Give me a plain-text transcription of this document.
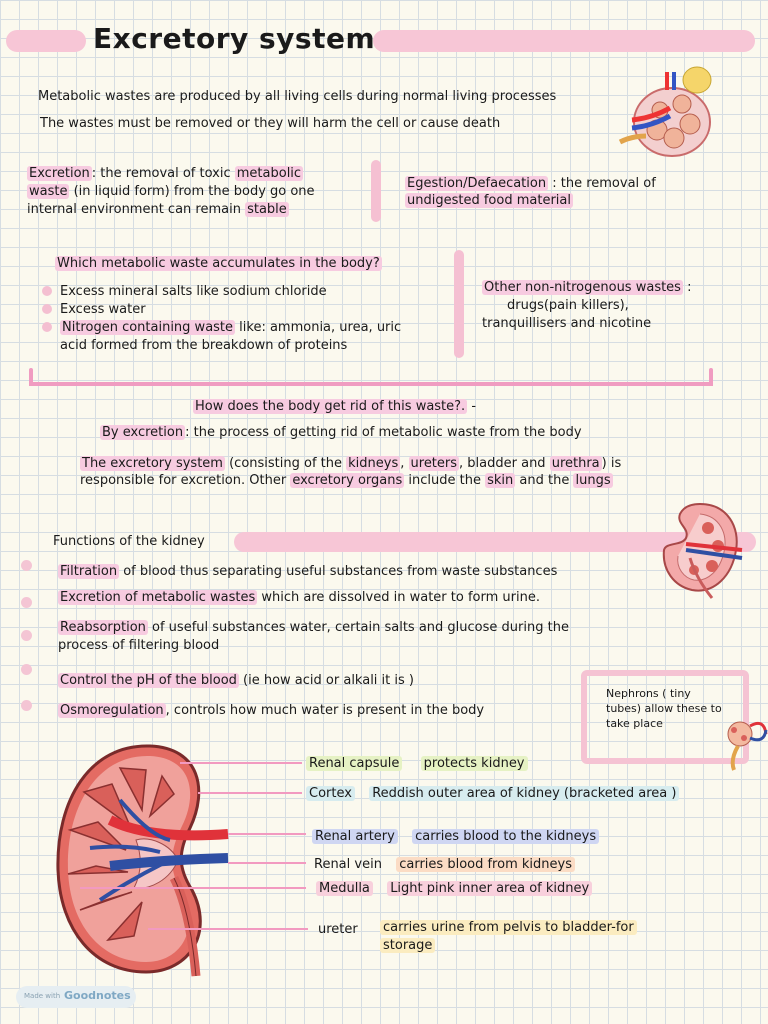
Excretory system
Metabolic wastes are produced by all living cells during normal living processes
The wastes must be removed or they will harm the cell or cause death
Excretion : the removal of toxic metabolic
waste (in liquid form) from the body go one
internal environment can remain stable
Egestion/Defaecation : the removal of
undigested food material
Which metabolic waste accumulates in the body?
Excess mineral salts like sodium chloride
Excess water
Nitrogen containing waste like: ammonia, urea, uric
acid formed from the breakdown of proteins
Other non-nitrogenous wastes :
drugs(pain killers),
tranquillisers and nicotine
How does the body get rid of this waste?. -
By excretion : the process of getting rid of metabolic waste from the body
The excretory system (consisting of the kidneys , ureters , bladder and urethra ) is
responsible for excretion. Other excretory organs include the skin and the lungs
Functions of the kidney
Filtration of blood thus separating useful substances from waste substances
Excretion of metabolic wastes which are dissolved in water to form urine.
Reabsorption of useful substances water, certain salts and glucose during the
process of filtering blood
Control the pH of the blood (ie how acid or alkali it is )
Osmoregulation , controls how much water is present in the body
Nephrons ( tiny tubes) allow these to take place
Renal capsule protects kidney
Cortex Reddish outer area of kidney (bracketed area )
Renal artery carries blood to the kidneys
Renal vein carries blood from kidneys
Medulla Light pink inner area of kidney
ureter carries urine from pelvis to bladder-for
storage
Made with Goodnotes
